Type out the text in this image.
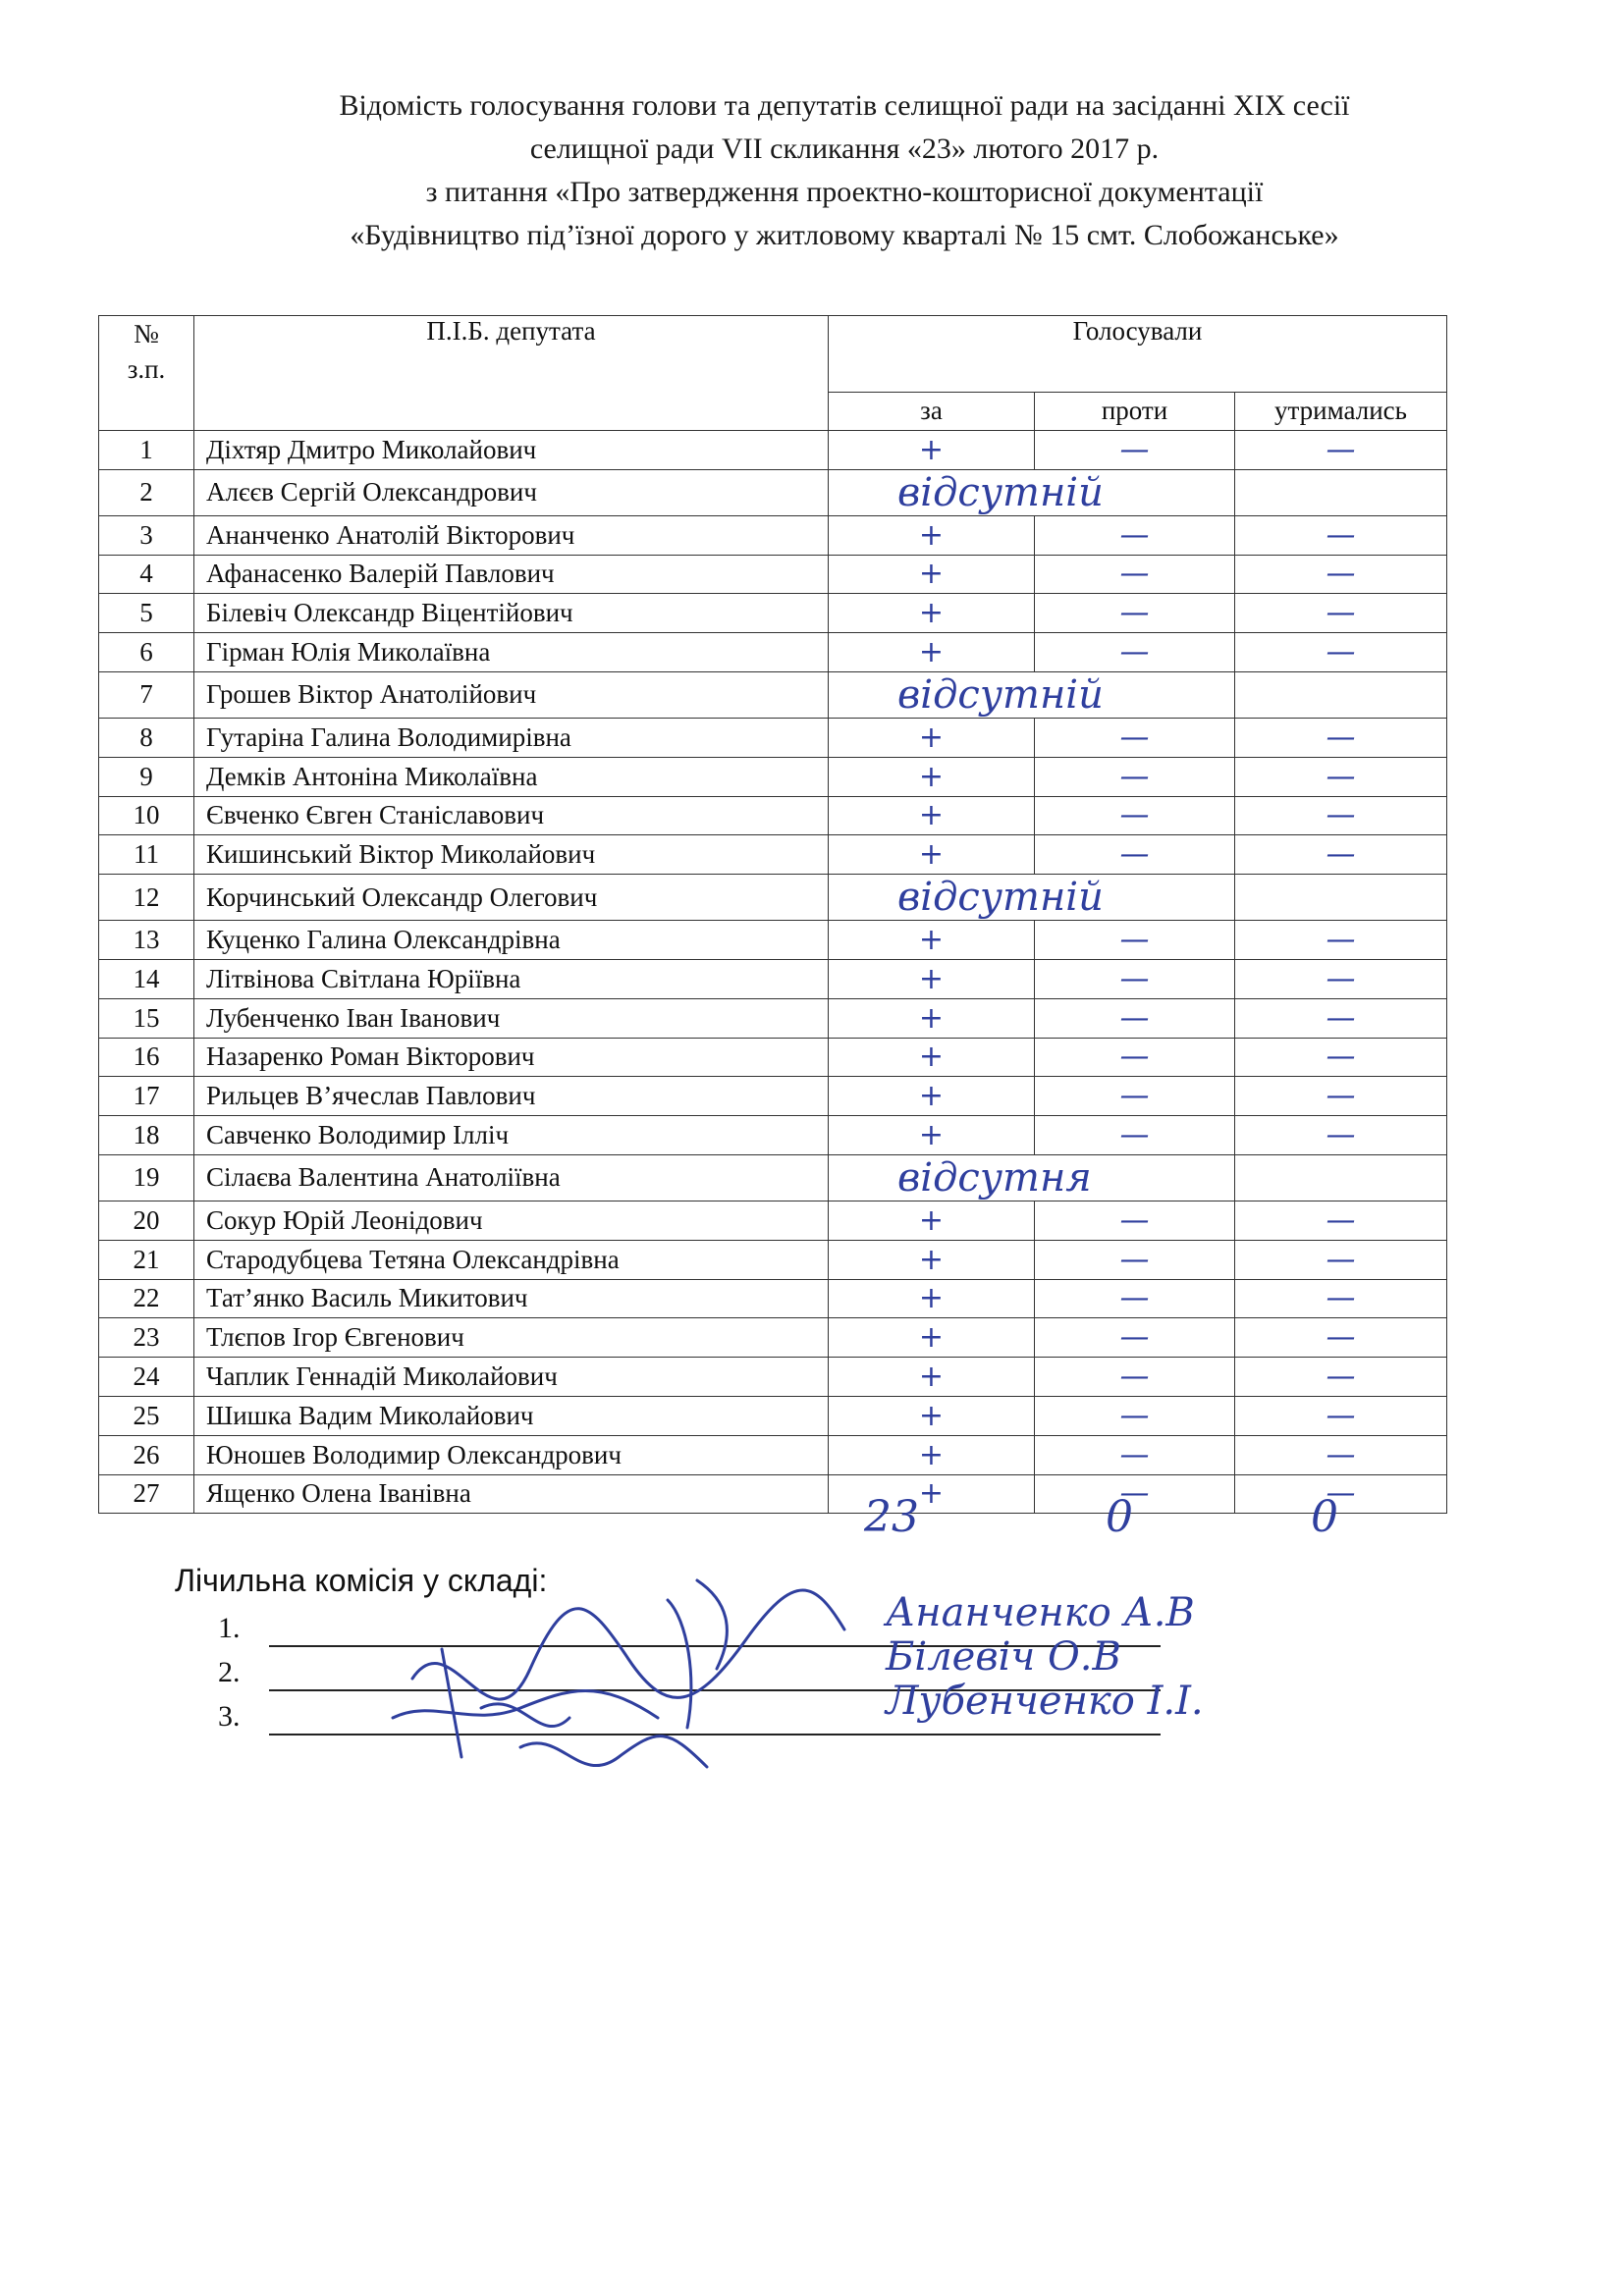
Відомість голосування голови та депутатів селищної ради на засіданні ХIХ сесії
селищної ради VII скликання «23» лютого 2017 р.
з питання «Про затвердження проектно-кошторисної документації
«Будівництво під’їзної дорого у житловому кварталі № 15 смт. Слобожанське»
№
з.п.	П.І.Б. депутата	Голосували		
		за	проти	утримались
1	Діхтяр Дмитро Миколайович	+	—	—
2	Алєєв Сергій Олександрович	відсутній		
3	Ананченко Анатолій Вікторович	+	—	—
4	Афанасенко Валерій Павлович	+	—	—
5	Білевіч Олександр Віцентійович	+	—	—
6	Гірман Юлія Миколаївна	+	—	—
7	Грошев Віктор Анатолійович	відсутній		
8	Гутаріна Галина Володимирівна	+	—	—
9	Демків Антоніна Миколаївна	+	—	—
10	Євченко Євген Станіславович	+	—	—
11	Кишинський Віктор Миколайович	+	—	—
12	Корчинський Олександр Олегович	відсутній		
13	Куценко Галина Олександрівна	+	—	—
14	Літвінова Світлана Юріївна	+	—	—
15	Лубенченко Іван Іванович	+	—	—
16	Назаренко Роман Вікторович	+	—	—
17	Рильцев В’ячеслав Павлович	+	—	—
18	Савченко Володимир Ілліч	+	—	—
19	Сілаєва Валентина Анатоліївна	відсутня		
20	Сокур Юрій Леонідович	+	—	—
21	Стародубцева Тетяна Олександрівна	+	—	—
22	Тат’янко Василь Микитович	+	—	—
23	Тлєпов Ігор Євгенович	+	—	—
24	Чаплик Геннадій Миколайович	+	—	—
25	Шишка Вадим Миколайович	+	—	—
26	Юношев Володимир Олександрович	+	—	—
27	Ященко Олена Іванівна	+	—	—
23	0	0
Лічильна комісія у складі:
1.	Ананченко А.В
2.	Білевіч О.В
3.	Лубенченко І.І.
